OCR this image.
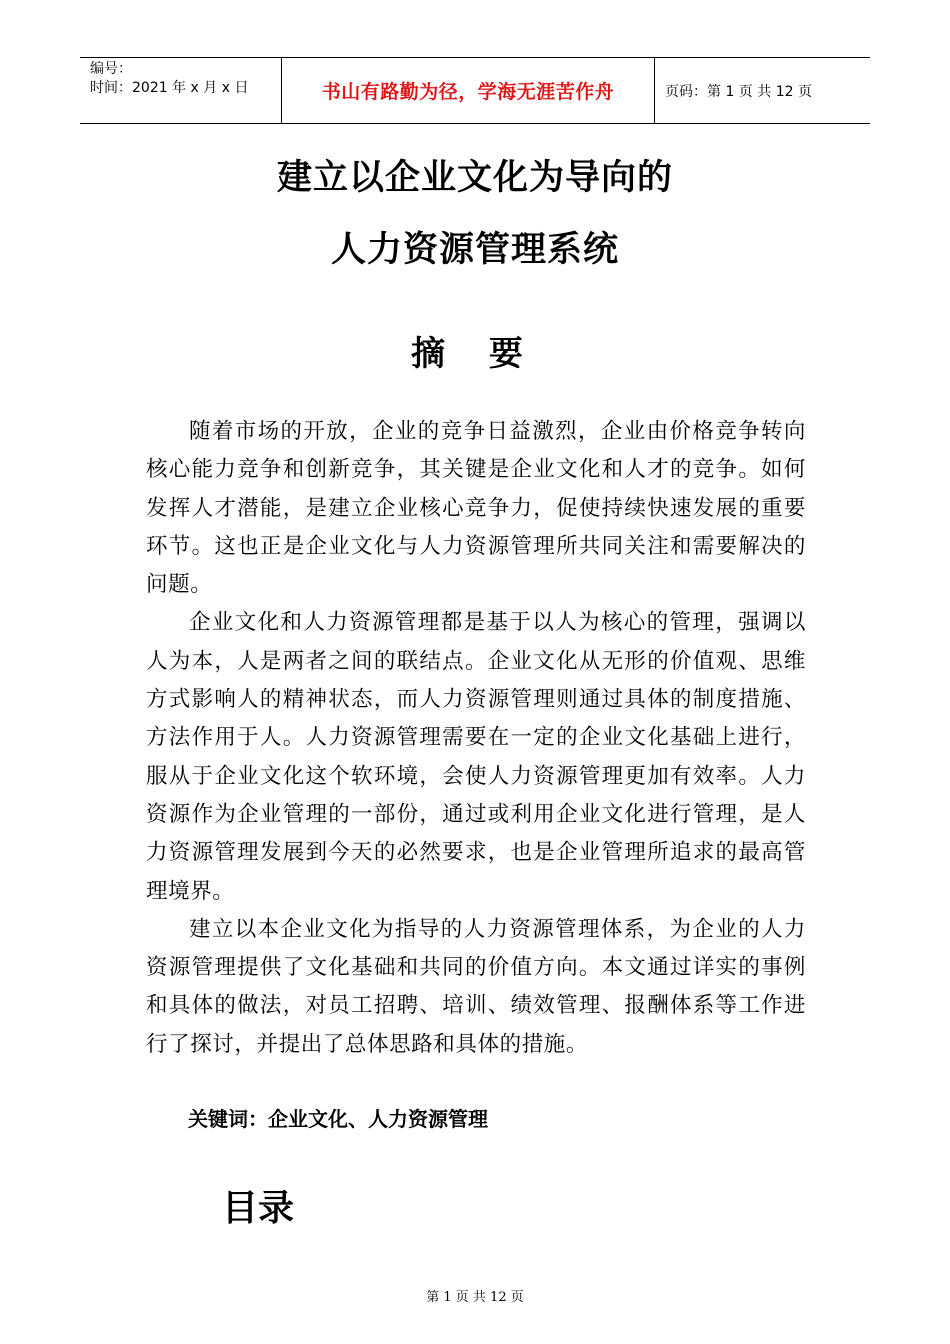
编号：
时间：2021 年 x 月 x 日	书山有路勤为径，学海无涯苦作舟	页码：第 1 页 共 12 页
建立以企业文化为导向的
人力资源管理系统
摘 要

随着市场的开放，企业的竞争日益激烈，企业由价格竞争转向核心能力竞争和创新竞争，其关键是企业文化和人才的竞争。如何发挥人才潜能，是建立企业核心竞争力，促使持续快速发展的重要环节。这也正是企业文化与人力资源管理所共同关注和需要解决的问题。

企业文化和人力资源管理都是基于以人为核心的管理，强调以人为本，人是两者之间的联结点。企业文化从无形的价值观、思维方式影响人的精神状态，而人力资源管理则通过具体的制度措施、方法作用于人。人力资源管理需要在一定的企业文化基础上进行，服从于企业文化这个软环境，会使人力资源管理更加有效率。人力资源作为企业管理的一部份，通过或利用企业文化进行管理，是人力资源管理发展到今天的必然要求，也是企业管理所追求的最高管理境界。

建立以本企业文化为指导的人力资源管理体系，为企业的人力资源管理提供了文化基础和共同的价值方向。本文通过详实的事例和具体的做法，对员工招聘、培训、绩效管理、报酬体系等工作进行了探讨，并提出了总体思路和具体的措施。

关键词：企业文化、人力资源管理

目录
第 1 页 共 12 页
